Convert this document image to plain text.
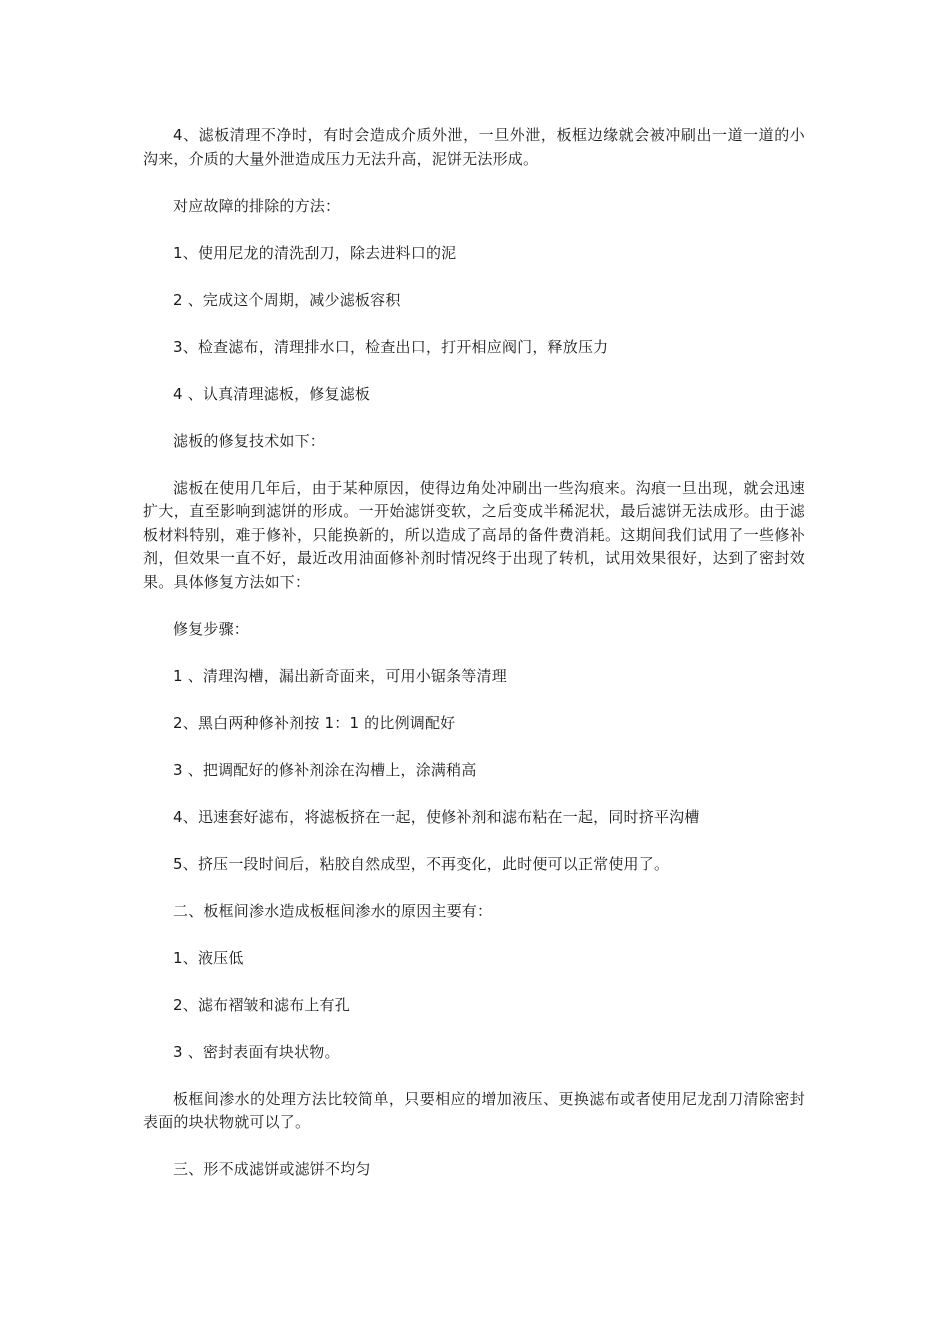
4、滤板清理不净时，有时会造成介质外泄，一旦外泄，板框边缘就会被冲刷出一道一道的小沟来，介质的大量外泄造成压力无法升高，泥饼无法形成。

对应故障的排除的方法：

1、使用尼龙的清洗刮刀，除去进料口的泥

2 、完成这个周期，减少滤板容积

3、检查滤布，清理排水口，检查出口，打开相应阀门，释放压力

4 、认真清理滤板，修复滤板

滤板的修复技术如下：

滤板在使用几年后，由于某种原因，使得边角处冲刷出一些沟痕来。沟痕一旦出现，就会迅速扩大，直至影响到滤饼的形成。一开始滤饼变软，之后变成半稀泥状，最后滤饼无法成形。由于滤板材料特别，难于修补，只能换新的，所以造成了高昂的备件费消耗。这期间我们试用了一些修补剂，但效果一直不好，最近改用油面修补剂时情况终于出现了转机，试用效果很好，达到了密封效果。具体修复方法如下：

修复步骤：

1 、清理沟槽，漏出新奇面来，可用小锯条等清理

2、黑白两种修补剂按 1：1 的比例调配好

3 、把调配好的修补剂涂在沟槽上，涂满稍高

4、迅速套好滤布，将滤板挤在一起，使修补剂和滤布粘在一起，同时挤平沟槽

5、挤压一段时间后，粘胶自然成型，不再变化，此时便可以正常使用了。

二、板框间渗水造成板框间渗水的原因主要有：

1、液压低

2、滤布褶皱和滤布上有孔

3 、密封表面有块状物。

板框间渗水的处理方法比较简单，只要相应的增加液压、更换滤布或者使用尼龙刮刀清除密封表面的块状物就可以了。

三、形不成滤饼或滤饼不均匀
